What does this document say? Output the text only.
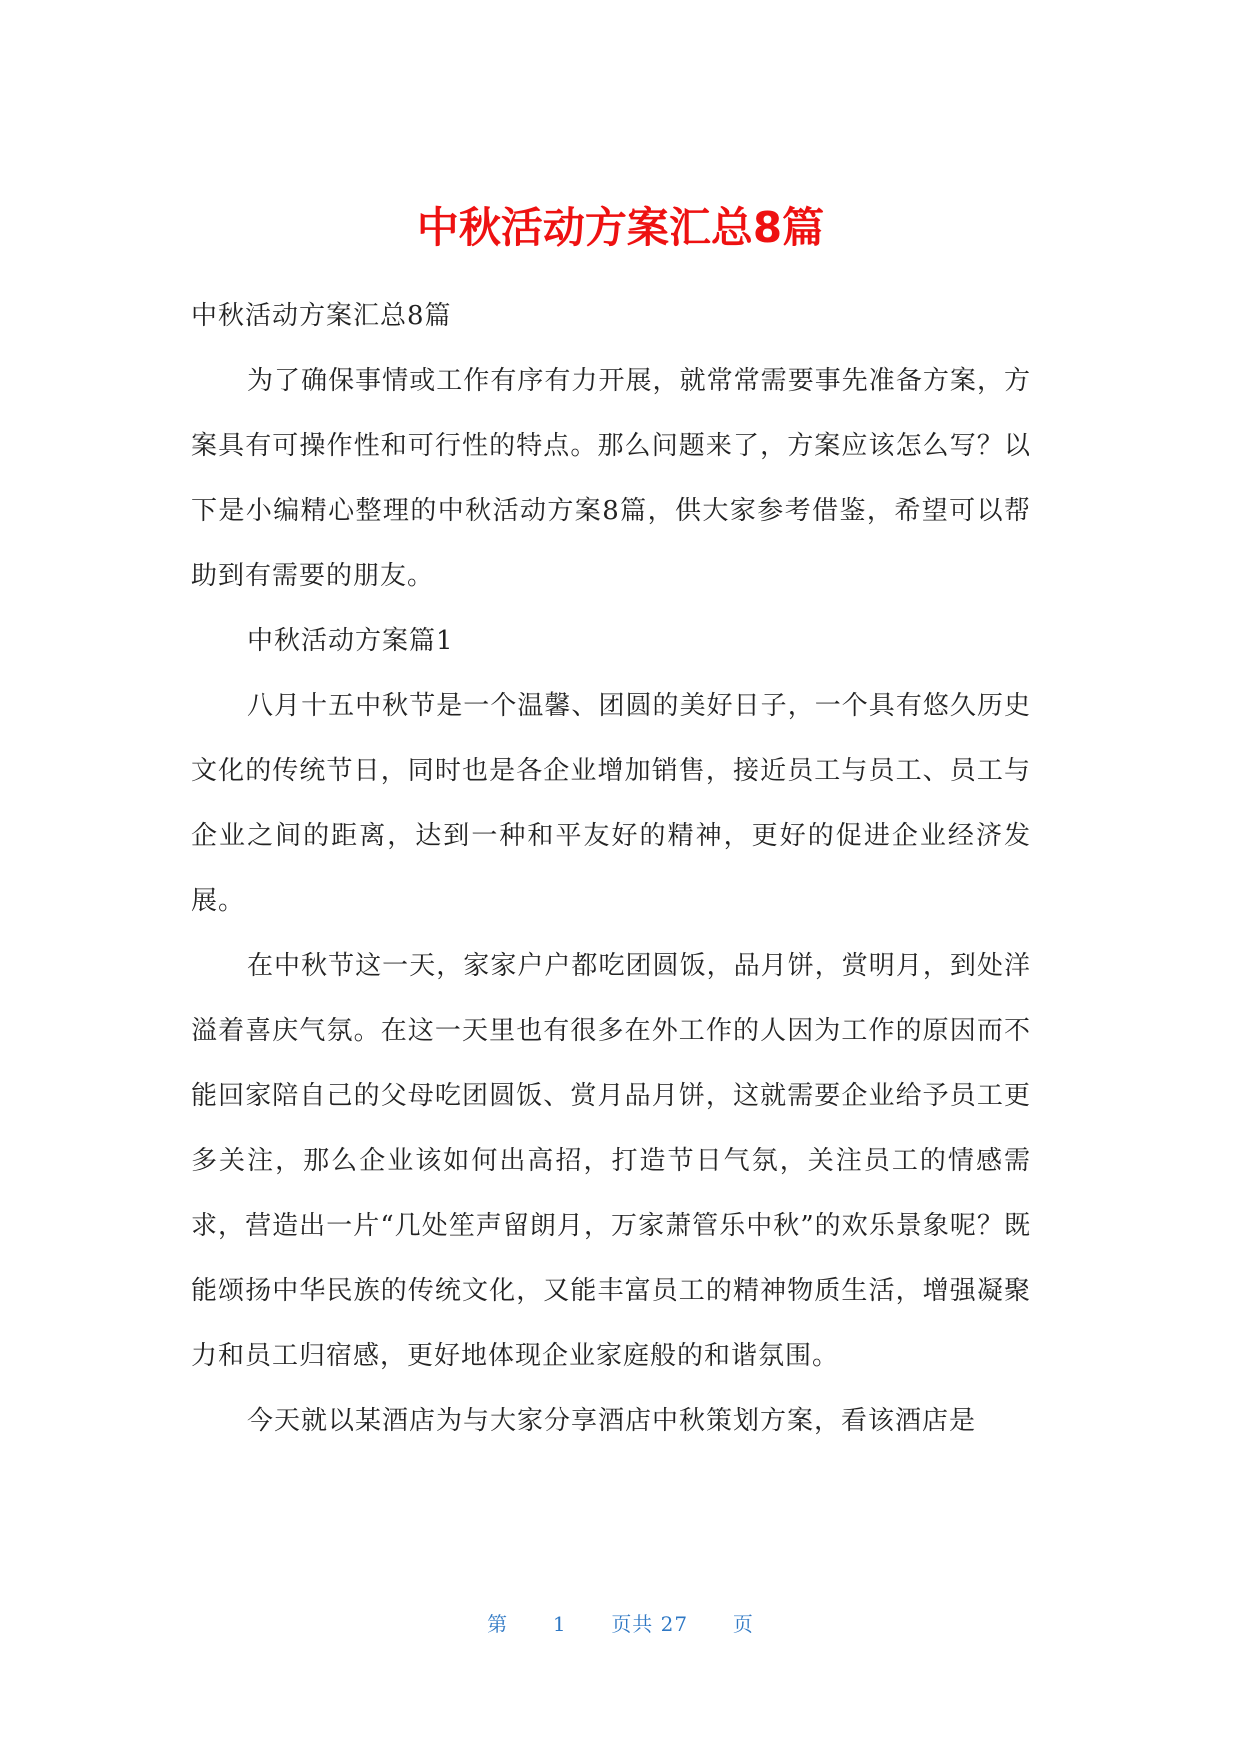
中秋活动方案汇总8篇

中秋活动方案汇总8篇

为了确保事情或工作有序有力开展，就常常需要事先准备方案，方案具有可操作性和可行性的特点。那么问题来了，方案应该怎么写？以下是小编精心整理的中秋活动方案8篇，供大家参考借鉴，希望可以帮助到有需要的朋友。

中秋活动方案篇1

八月十五中秋节是一个温馨、团圆的美好日子，一个具有悠久历史文化的传统节日，同时也是各企业增加销售，接近员工与员工、员工与企业之间的距离，达到一种和平友好的精神，更好的促进企业经济发展。

在中秋节这一天，家家户户都吃团圆饭，品月饼，赏明月，到处洋溢着喜庆气氛。在这一天里也有很多在外工作的人因为工作的原因而不能回家陪自己的父母吃团圆饭、赏月品月饼，这就需要企业给予员工更多关注，那么企业该如何出高招，打造节日气氛，关注员工的情感需求，营造出一片“几处笙声留朗月，万家萧管乐中秋”的欢乐景象呢？既能颂扬中华民族的传统文化，又能丰富员工的精神物质生活，增强凝聚力和员工归宿感，更好地体现企业家庭般的和谐氛围。

今天就以某酒店为与大家分享酒店中秋策划方案，看该酒店是

第 1 页共 27 页
